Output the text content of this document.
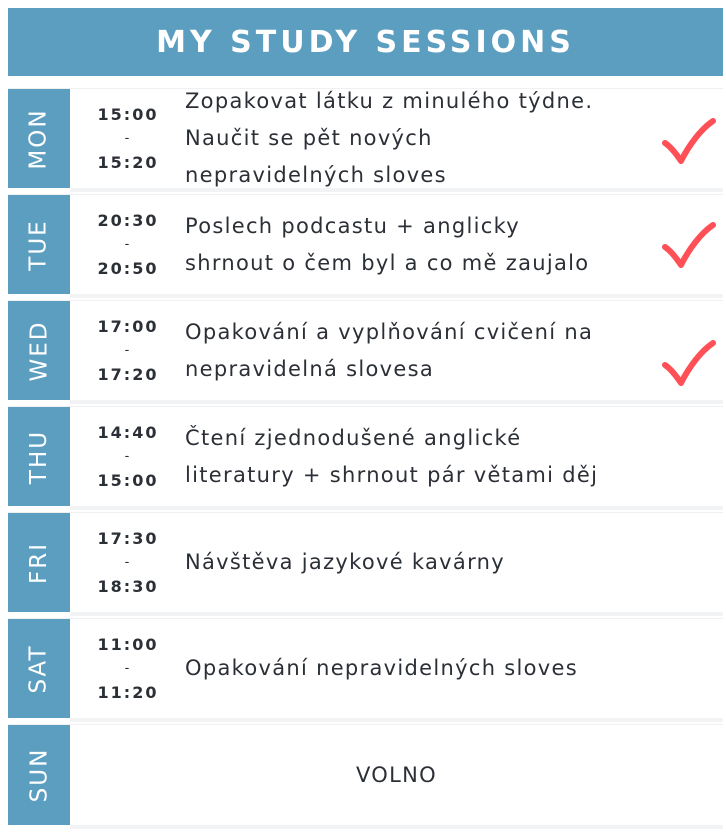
MY STUDY SESSIONS
MON	15:00
-
15:20
Zopakovat látku z minulého týdne.
Naučit se pět nových
nepravidelných sloves
TUE	20:30
-
20:50
Poslech podcastu + anglicky
shrnout o čem byl a co mě zaujalo
WED	17:00
-
17:20
Opakování a vyplňování cvičení na
nepravidelná slovesa
THU	14:40
-
15:00
Čtení zjednodušené anglické
literatury + shrnout pár větami děj
FRI
17:30
-
18:30
Návštěva jazykové kavárny
SAT	11:00
-
11:20
Opakování nepravidelných sloves
SUN	VOLNO
